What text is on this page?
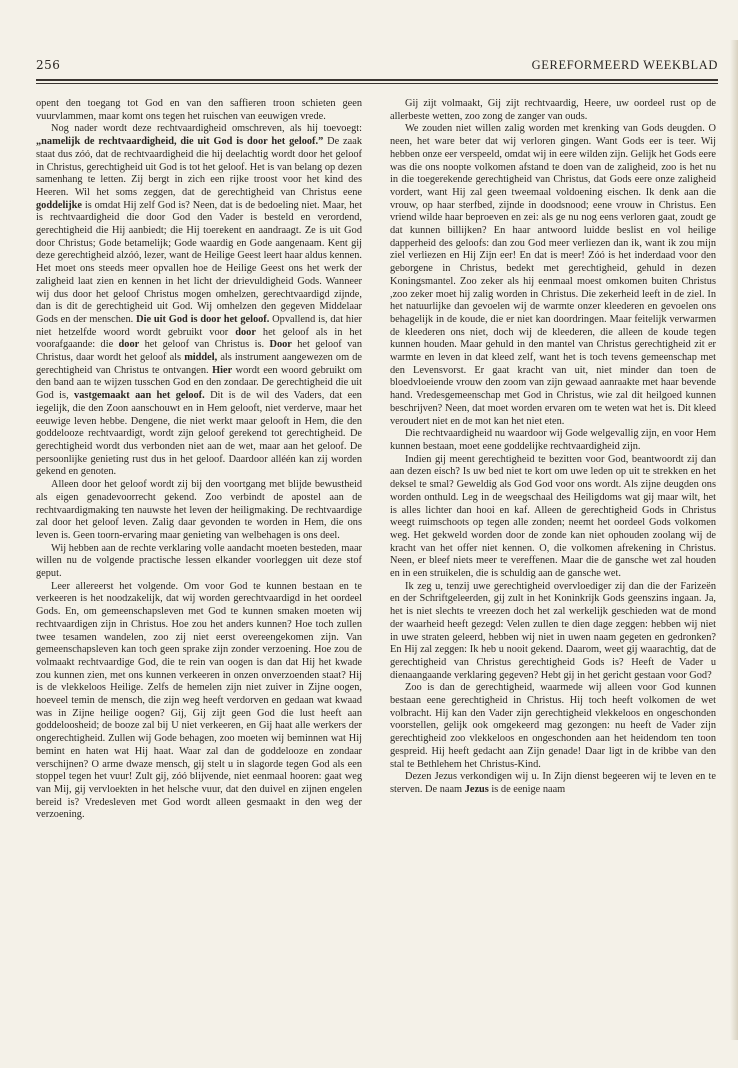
256	GEREFORMEERD WEEKBLAD

opent den toegang tot God en van den saffieren troon schieten geen vuurvlammen, maar komt ons tegen het ruischen van eeuwigen vrede.

Nog nader wordt deze rechtvaardigheid omschreven, als hij toevoegt: „namelijk de rechtvaardigheid, die uit God is door het geloof.” De zaak staat dus zóó, dat de rechtvaardigheid die hij deelachtig wordt door het geloof in Christus, gerechtigheid uit God is tot het geloof. Het is van belang op dezen samenhang te letten. Zij bergt in zich een rijke troost voor het kind des Heeren. Wil het soms zeggen, dat de gerechtigheid van Christus eene goddelijke is omdat Hij zelf God is? Neen, dat is de bedoeling niet. Maar, het is rechtvaardigheid die door God den Vader is besteld en verordend, gerechtigheid die Hij aanbiedt; die Hij toerekent en aandraagt. Ze is uit God door Christus; Gode betamelijk; Gode waardig en Gode aangenaam. Kent gij deze gerechtigheid alzóó, lezer, want de Heilige Geest leert haar aldus kennen. Het moet ons steeds meer opvallen hoe de Heilige Geest ons het werk der zaligheid laat zien en kennen in het licht der drievuldigheid Gods. Wanneer wij dus door het geloof Christus mogen omhelzen, gerechtvaardigd zijnde, dan is dit de gerechtigheid uit God. Wij omhelzen den gegeven Middelaar Gods en der menschen. Die uit God is door het geloof. Opvallend is, dat hier niet hetzelfde woord wordt gebruikt voor door het geloof als in het voorafgaande: die door het geloof van Christus is. Door het geloof van Christus, daar wordt het geloof als middel, als instrument aangewezen om de gerechtigheid van Christus te ontvangen. Hier wordt een woord gebruikt om den band aan te wijzen tusschen God en den zondaar. De gerechtigheid die uit God is, vastgemaakt aan het geloof. Dit is de wil des Vaders, dat een iegelijk, die den Zoon aanschouwt en in Hem gelooft, niet verderve, maar het eeuwige leven hebbe. Dengene, die niet werkt maar gelooft in Hem, die den goddelooze rechtvaardigt, wordt zijn geloof gerekend tot gerechtigheid. De gerechtigheid wordt dus verbonden niet aan de wet, maar aan het geloof. De persoonlijke genieting rust dus in het geloof. Daardoor alléén kan zij worden gekend en genoten.

Alleen door het geloof wordt zij bij den voortgang met blijde bewustheid als eigen genadevoorrecht gekend. Zoo verbindt de apostel aan de rechtvaardigmaking ten nauwste het leven der heiligmaking. De rechtvaardige zal door het geloof leven. Zalig daar gevonden te worden in Hem, die ons leven is. Geen toorn-ervaring maar genieting van welbehagen is ons deel.

Wij hebben aan de rechte verklaring volle aandacht moeten besteden, maar willen nu de volgende practische lessen elkander voorleggen uit deze stof geput.

Leer allereerst het volgende. Om voor God te kunnen bestaan en te verkeeren is het noodzakelijk, dat wij worden gerechtvaardigd in het oordeel Gods. En, om gemeenschapsleven met God te kunnen smaken moeten wij rechtvaardigen zijn in Christus. Hoe zou het anders kunnen? Hoe toch zullen twee tesamen wandelen, zoo zij niet eerst overeengekomen zijn. Van gemeenschapsleven kan toch geen sprake zijn zonder verzoening. Hoe zou de volmaakt rechtvaardige God, die te rein van oogen is dan dat Hij het kwade zou kunnen zien, met ons kunnen verkeeren in onzen onverzoenden staat? Hij is de vlekkeloos Heilige. Zelfs de hemelen zijn niet zuiver in Zijne oogen, hoeveel temin de mensch, die zijn weg heeft verdorven en gedaan wat kwaad was in Zijne heilige oogen? Gij, Gij zijt geen God die lust heeft aan goddeloosheid; de booze zal bij U niet verkeeren, en Gij haat alle werkers der ongerechtigheid. Zullen wij Gode behagen, zoo moeten wij beminnen wat Hij bemint en haten wat Hij haat. Waar zal dan de goddelooze en zondaar verschijnen? O arme dwaze mensch, gij stelt u in slagorde tegen God als een stoppel tegen het vuur! Zult gij, zóó blijvende, niet eenmaal hooren: gaat weg van Mij, gij vervloekten in het helsche vuur, dat den duivel en zijnen engelen bereid is? Vredesleven met God wordt alleen gesmaakt in den weg der verzoening.

Gij zijt volmaakt, Gij zijt rechtvaardig, Heere, uw oordeel rust op de allerbeste wetten, zoo zong de zanger van ouds.

We zouden niet willen zalig worden met krenking van Gods deugden. O neen, het ware beter dat wij verloren gingen. Want Gods eer is teer. Wij hebben onze eer verspeeld, omdat wij in eere wilden zijn. Gelijk het Gods eere was die ons noopte volkomen afstand te doen van de zaligheid, zoo is het nu in die toegerekende gerechtigheid van Christus, dat Gods eere onze zaligheid vordert, want Hij zal geen tweemaal voldoening eischen. Ik denk aan die vrouw, op haar sterfbed, zijnde in doodsnood; eene vrouw in Christus. Een vriend wilde haar beproeven en zei: als ge nu nog eens verloren gaat, zoudt ge dat kunnen billijken? En haar antwoord luidde beslist en vol heilige dapperheid des geloofs: dan zou God meer verliezen dan ik, want ik zou mijn ziel verliezen en Hij Zijn eer! En dat is meer! Zóó is het inderdaad voor den geborgene in Christus, bedekt met gerechtigheid, gehuld in dezen Koningsmantel. Zoo zeker als hij eenmaal moest omkomen buiten Christus ,zoo zeker moet hij zalig worden in Christus. Die zekerheid leeft in de ziel. In het natuurlijke dan gevoelen wij de warmte onzer kleederen en gevoelen ons behagelijk in de koude, die er niet kan doordringen. Maar feitelijk verwarmen de kleederen ons niet, doch wij de kleederen, die alleen de koude tegen kunnen houden. Maar gehuld in den mantel van Christus gerechtigheid zit er warmte en leven in dat kleed zelf, want het is toch tevens gemeenschap met den Levensvorst. Er gaat kracht van uit, niet minder dan toen de bloedvloeiende vrouw den zoom van zijn gewaad aanraakte met haar bevende hand. Vredesgemeenschap met God in Christus, wie zal dit heilgoed kunnen beschrijven? Neen, dat moet worden ervaren om te weten wat het is. Dit kleed veroudert niet en de mot kan het niet eten.

Die rechtvaardigheid nu waardoor wij Gode welgevallig zijn, en voor Hem kunnen bestaan, moet eene goddelijke rechtvaardigheid zijn.

Indien gij meent gerechtigheid te bezitten voor God, beantwoordt zij dan aan dezen eisch? Is uw bed niet te kort om uwe leden op uit te strekken en het deksel te smal? Geweldig als God God voor ons wordt. Als zijne deugden ons worden onthuld. Leg in de weegschaal des Heiligdoms wat gij maar wilt, het is alles lichter dan hooi en kaf. Alleen de gerechtigheid Gods in Christus weegt ruimschoots op tegen alle zonden; neemt het oordeel Gods volkomen weg. Het gekweld worden door de zonde kan niet ophouden zoolang wij de kracht van het offer niet kennen. O, die volkomen afrekening in Christus. Neen, er bleef niets meer te vereffenen. Maar die de gansche wet zal houden en in een struikelen, die is schuldig aan de gansche wet.

Ik zeg u, tenzij uwe gerechtigheid overvloediger zij dan die der Farizeën en der Schriftgeleerden, gij zult in het Koninkrijk Gods geenszins ingaan. Ja, het is niet slechts te vreezen doch het zal werkelijk geschieden wat de mond der waarheid heeft gezegd: Velen zullen te dien dage zeggen: hebben wij niet in uwe straten geleerd, hebben wij niet in uwen naam gegeten en gedronken? En Hij zal zeggen: Ik heb u nooit gekend. Daarom, weet gij waarachtig, dat de gerechtigheid van Christus gerechtigheid Gods is? Heeft de Vader u dienaangaande verklaring gegeven? Hebt gij in het gericht gestaan voor God?

Zoo is dan de gerechtigheid, waarmede wij alleen voor God kunnen bestaan eene gerechtigheid in Christus. Hij toch heeft volkomen de wet volbracht. Hij kan den Vader zijn gerechtigheid vlekkeloos en ongeschonden voorstellen, gelijk ook omgekeerd mag gezongen: nu heeft de Vader zijn gerechtigheid zoo vlekkeloos en ongeschonden aan het heidendom ten toon gespreid. Hij heeft gedacht aan Zijn genade! Daar ligt in de kribbe van den stal te Bethlehem het Christus-Kind.

Dezen Jezus verkondigen wij u. In Zijn dienst begeeren wij te leven en te sterven. De naam Jezus is de eenige naam
